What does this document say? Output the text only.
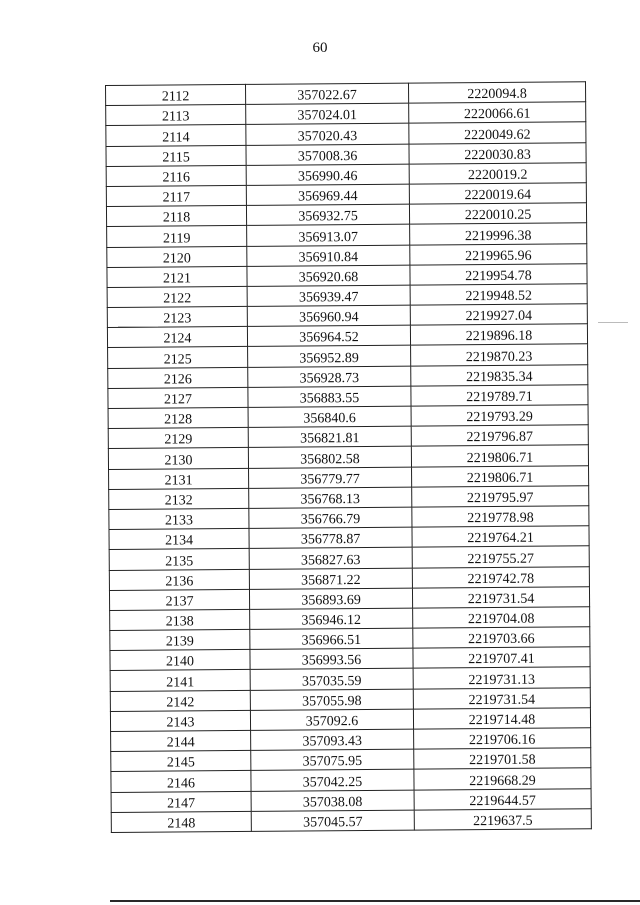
60
2112	357022.67	2220094.8
2113	357024.01	2220066.61
2114	357020.43	2220049.62
2115	357008.36	2220030.83
2116	356990.46	2220019.2
2117	356969.44	2220019.64
2118	356932.75	2220010.25
2119	356913.07	2219996.38
2120	356910.84	2219965.96
2121	356920.68	2219954.78
2122	356939.47	2219948.52
2123	356960.94	2219927.04
2124	356964.52	2219896.18
2125	356952.89	2219870.23
2126	356928.73	2219835.34
2127	356883.55	2219789.71
2128	356840.6	2219793.29
2129	356821.81	2219796.87
2130	356802.58	2219806.71
2131	356779.77	2219806.71
2132	356768.13	2219795.97
2133	356766.79	2219778.98
2134	356778.87	2219764.21
2135	356827.63	2219755.27
2136	356871.22	2219742.78
2137	356893.69	2219731.54
2138	356946.12	2219704.08
2139	356966.51	2219703.66
2140	356993.56	2219707.41
2141	357035.59	2219731.13
2142	357055.98	2219731.54
2143	357092.6	2219714.48
2144	357093.43	2219706.16
2145	357075.95	2219701.58
2146	357042.25	2219668.29
2147	357038.08	2219644.57
2148	357045.57	2219637.5
